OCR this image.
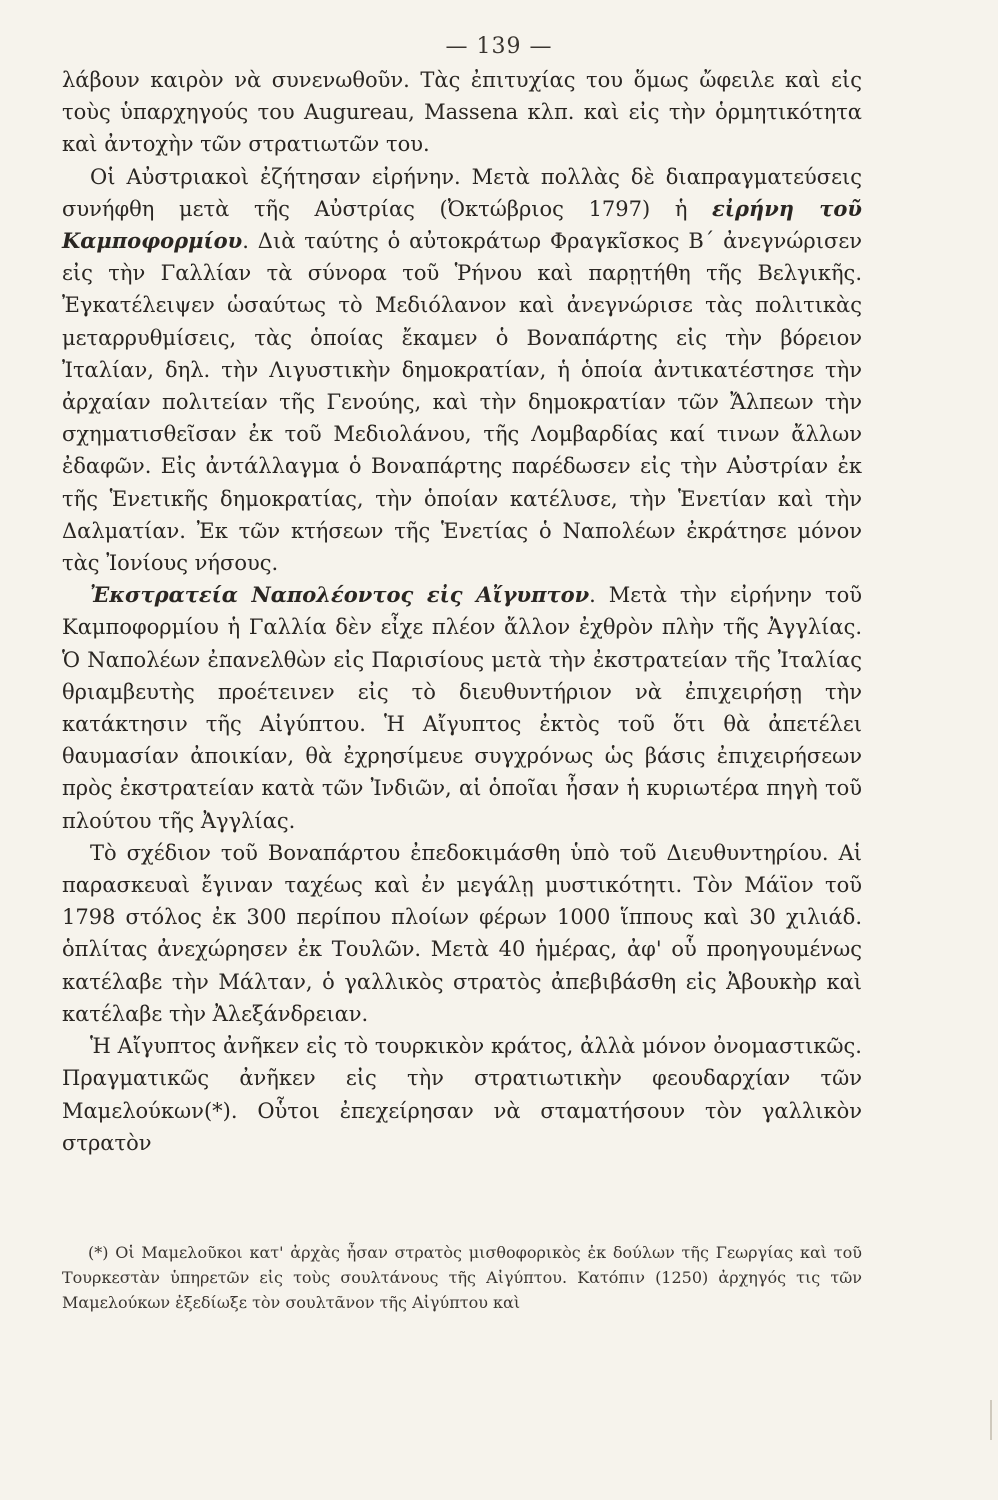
— 139 —

λάβουν καιρὸν νὰ συνενωθοῦν. Τὰς ἐπιτυχίας του ὅμως ὤφειλε καὶ εἰς τοὺς ὑπαρχηγούς του Augureau, Massena κλπ. καὶ εἰς τὴν ὁρμητικότητα καὶ ἀντοχὴν τῶν στρατιωτῶν του.

Οἱ Αὐστριακοὶ ἐζήτησαν εἰρήνην. Μετὰ πολλὰς δὲ διαπραγματεύσεις συνήφθη μετὰ τῆς Αὐστρίας (Ὀκτώβριος 1797) ἡ εἰρήνη τοῦ Καμποφορμίου. Διὰ ταύτης ὁ αὐτοκράτωρ Φραγκῖσκος Β΄ ἀνεγνώρισεν εἰς τὴν Γαλλίαν τὰ σύνορα τοῦ Ῥήνου καὶ παρῃτήθη τῆς Βελγικῆς. Ἐγκατέλειψεν ὡσαύτως τὸ Μεδιόλανον καὶ ἀνεγνώρισε τὰς πολιτικὰς μεταρρυθμίσεις, τὰς ὁποίας ἔκαμεν ὁ Βοναπάρτης εἰς τὴν βόρειον Ἰταλίαν, δηλ. τὴν Λιγυστικὴν δημοκρατίαν, ἡ ὁποία ἀντικατέστησε τὴν ἀρχαίαν πολιτείαν τῆς Γενούης, καὶ τὴν δημοκρατίαν τῶν Ἄλπεων τὴν σχηματισθεῖσαν ἐκ τοῦ Μεδιολάνου, τῆς Λομβαρδίας καί τινων ἄλλων ἐδαφῶν. Εἰς ἀντάλλαγμα ὁ Βοναπάρτης παρέδωσεν εἰς τὴν Αὐστρίαν ἐκ τῆς Ἑνετικῆς δημοκρατίας, τὴν ὁποίαν κατέλυσε, τὴν Ἑνετίαν καὶ τὴν Δαλματίαν. Ἐκ τῶν κτήσεων τῆς Ἑνετίας ὁ Ναπολέων ἐκράτησε μόνον τὰς Ἰονίους νήσους.

Ἐκστρατεία Ναπολέοντος εἰς Αἴγυπτον. Μετὰ τὴν εἰρήνην τοῦ Καμποφορμίου ἡ Γαλλία δὲν εἶχε πλέον ἄλλον ἐχθρὸν πλὴν τῆς Ἀγγλίας. Ὁ Ναπολέων ἐπανελθὼν εἰς Παρισίους μετὰ τὴν ἐκστρατείαν τῆς Ἰταλίας θριαμβευτὴς προέτεινεν εἰς τὸ διευθυντήριον νὰ ἐπιχειρήσῃ τὴν κατάκτησιν τῆς Αἰγύπτου. Ἡ Αἴγυπτος ἐκτὸς τοῦ ὅτι θὰ ἀπετέλει θαυμασίαν ἀποικίαν, θὰ ἐχρησίμευε συγχρόνως ὡς βάσις ἐπιχειρήσεων πρὸς ἐκστρατείαν κατὰ τῶν Ἰνδιῶν, αἱ ὁποῖαι ἦσαν ἡ κυριωτέρα πηγὴ τοῦ πλούτου τῆς Ἀγγλίας.

Τὸ σχέδιον τοῦ Βοναπάρτου ἐπεδοκιμάσθη ὑπὸ τοῦ Διευθυντηρίου. Αἱ παρασκευαὶ ἔγιναν ταχέως καὶ ἐν μεγάλῃ μυστικότητι. Τὸν Μάϊον τοῦ 1798 στόλος ἐκ 300 περίπου πλοίων φέρων 1000 ἵππους καὶ 30 χιλιάδ. ὁπλίτας ἀνεχώρησεν ἐκ Τουλῶν. Μετὰ 40 ἡμέρας, ἀφ' οὗ προηγουμένως κατέλαβε τὴν Μάλταν, ὁ γαλλικὸς στρατὸς ἀπεβιβάσθη εἰς Ἀβουκὴρ καὶ κατέλαβε τὴν Ἀλεξάνδρειαν.

Ἡ Αἴγυπτος ἀνῆκεν εἰς τὸ τουρκικὸν κράτος, ἀλλὰ μόνον ὀνομαστικῶς. Πραγματικῶς ἀνῆκεν εἰς τὴν στρατιωτικὴν φεουδαρχίαν τῶν Μαμελούκων(*). Οὗτοι ἐπεχείρησαν νὰ σταματήσουν τὸν γαλλικὸν στρατὸν

(*) Οἱ Μαμελοῦκοι κατ' ἀρχὰς ἦσαν στρατὸς μισθοφορικὸς ἐκ δούλων τῆς Γεωργίας καὶ τοῦ Τουρκεστὰν ὑπηρετῶν εἰς τοὺς σουλτάνους τῆς Αἰγύπτου. Κατόπιν (1250) ἀρχηγός τις τῶν Μαμελούκων ἐξεδίωξε τὸν σουλτᾶνον τῆς Αἰγύπτου καὶ
